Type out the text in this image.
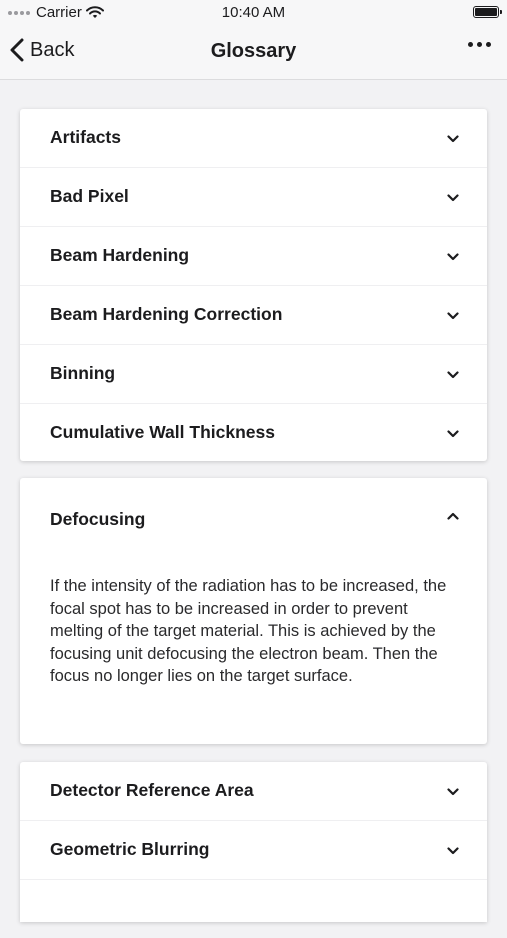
Carrier	10:40 AM
Back	Glossary
Artifacts
Bad Pixel
Beam Hardening
Beam Hardening Correction
Binning
Cumulative Wall Thickness
Defocusing
If the intensity of the radiation has to be increased, the focal spot has to be increased in order to prevent melting of the target material. This is achieved by the focusing unit defocusing the electron beam. Then the focus no longer lies on the target surface.
Detector Reference Area
Geometric Blurring
